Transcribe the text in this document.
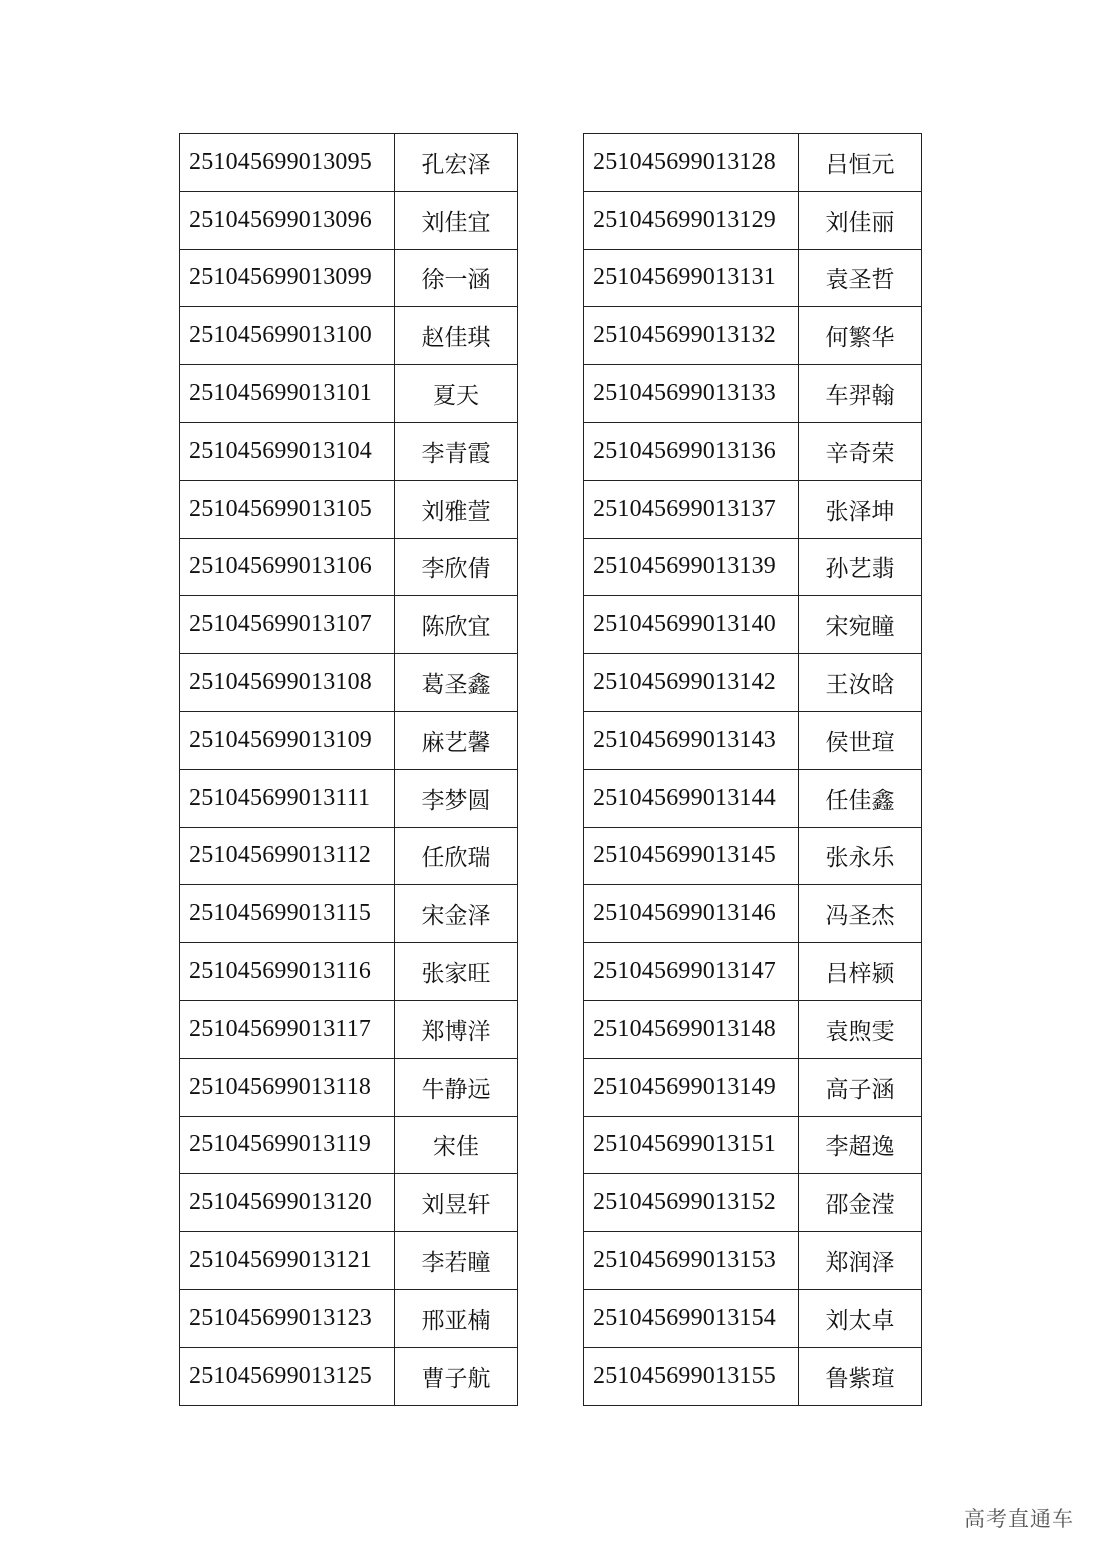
251045699013095	孔宏泽
251045699013096	刘佳宜
251045699013099	徐一涵
251045699013100	赵佳琪
251045699013101	夏天
251045699013104	李青霞
251045699013105	刘雅萱
251045699013106	李欣倩
251045699013107	陈欣宜
251045699013108	葛圣鑫
251045699013109	麻艺馨
251045699013111	李梦圆
251045699013112	任欣瑞
251045699013115	宋金泽
251045699013116	张家旺
251045699013117	郑博洋
251045699013118	牛静远
251045699013119	宋佳
251045699013120	刘昱轩
251045699013121	李若瞳
251045699013123	邢亚楠
251045699013125	曹子航
251045699013128	吕恒元
251045699013129	刘佳丽
251045699013131	袁圣哲
251045699013132	何繁华
251045699013133	车羿翰
251045699013136	辛奇荣
251045699013137	张泽坤
251045699013139	孙艺翡
251045699013140	宋宛瞳
251045699013142	王汝晗
251045699013143	侯世瑄
251045699013144	任佳鑫
251045699013145	张永乐
251045699013146	冯圣杰
251045699013147	吕梓颍
251045699013148	袁煦雯
251045699013149	高子涵
251045699013151	李超逸
251045699013152	邵金滢
251045699013153	郑润泽
251045699013154	刘太卓
251045699013155	鲁紫瑄
高考直通车
